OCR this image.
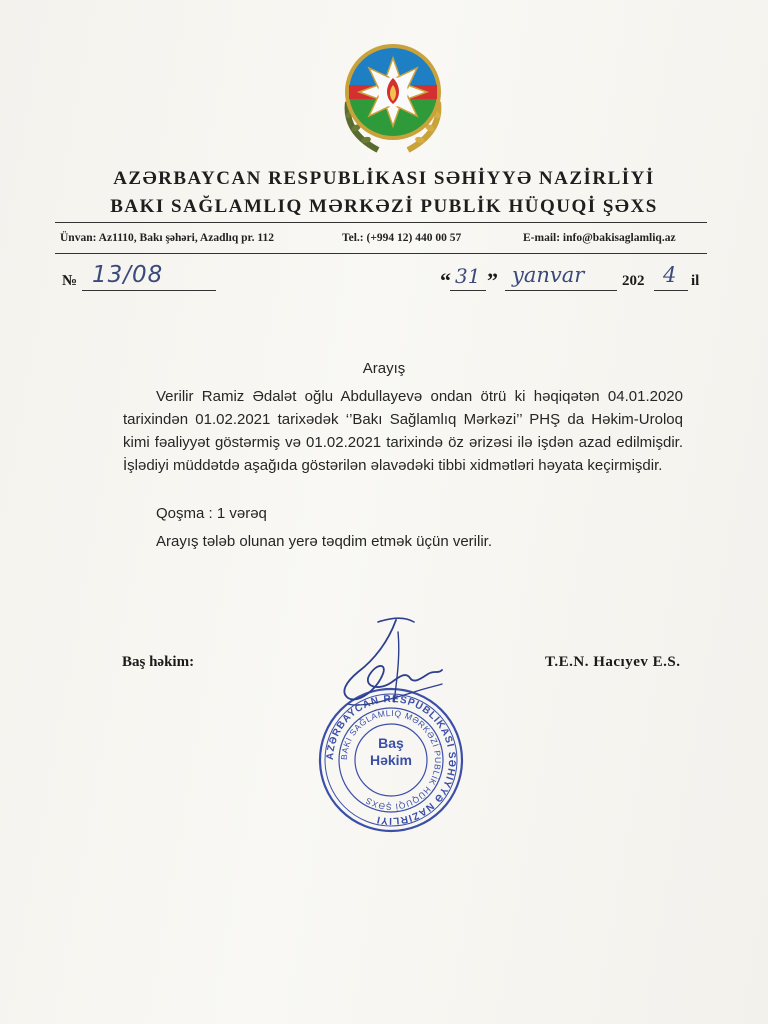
AZƏRBAYCAN RESPUBLİKASI SƏHİYYƏ NAZİRLİYİ
BAKI SAĞLAMLIQ MƏRKƏZİ PUBLİK HÜQUQİ ŞƏXS
Ünvan: Az1110, Bakı şəhəri, Azadlıq pr. 112	Tel.: (+994 12) 440 00 57	E-mail: info@bakisaglamliq.az
№ 13/08	“ 31 ” yanvar	202 4 il
Arayış

Verilir Ramiz Ədalət oğlu Abdullayevə ondan ötrü ki həqiqətən 04.01.2020 tarixindən 01.02.2021 tarixədək ‘’Bakı Sağlamlıq Mərkəzi’’ PHŞ da Həkim-Uroloq kimi fəaliyyət göstərmiş və 01.02.2021 tarixində öz ərizəsi ilə işdən azad edilmişdir. İşlədiyi müddətdə aşağıda göstərilən əlavədəki tibbi xidmətləri həyata keçirmişdir.

Qoşma : 1 vərəq
Arayış tələb olunan yerə təqdim etmək üçün verilir.
Baş həkim:	T.E.N. Hacıyev E.S.
AZƏRBAYCAN RESPUBLİKASI SƏHİYYƏ NAZİRLİYİ
BAKI SAĞLAMLIQ MƏRKƏZİ PUBLİK HÜQUQİ ŞƏXS
Baş
Həkim
